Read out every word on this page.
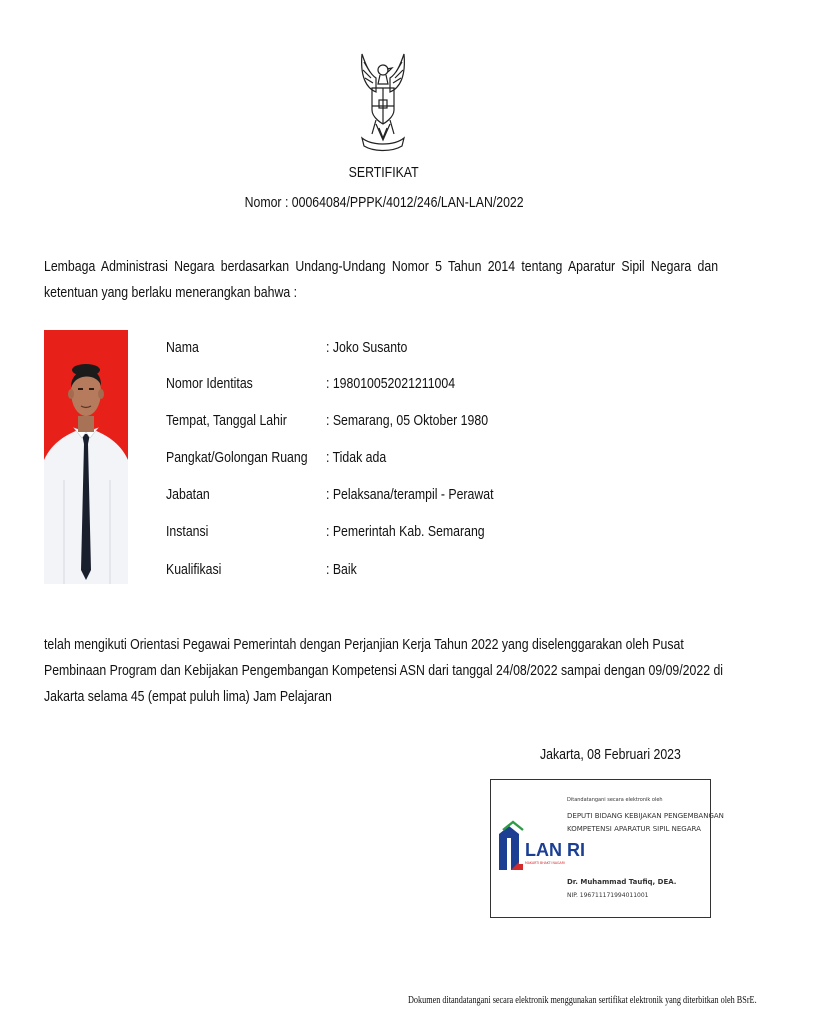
SERTIFIKAT
Nomor : 00064084/PPPK/4012/246/LAN-LAN/2022
Lembaga Administrasi Negara berdasarkan Undang-Undang Nomor 5 Tahun 2014 tentang Aparatur Sipil Negara dan ketentuan yang berlaku menerangkan bahwa :
Nama	: Joko Susanto
Nomor Identitas	: 198010052021211004
Tempat, Tanggal Lahir	: Semarang, 05 Oktober 1980
Pangkat/Golongan Ruang : Tidak ada
Jabatan	: Pelaksana/terampil - Perawat
Instansi	: Pemerintah Kab. Semarang
Kualifikasi	: Baik
telah mengikuti Orientasi Pegawai Pemerintah dengan Perjanjian Kerja Tahun 2022 yang diselenggarakan oleh Pusat Pembinaan Program dan Kebijakan Pengembangan Kompetensi ASN dari tanggal 24/08/2022 sampai dengan 09/09/2022 di Jakarta selama 45 (empat puluh lima) Jam Pelajaran
Jakarta, 08 Februari 2023
LAN RI
MAKARTI BHAKTI NAGARI
Ditandatangani secara elektronik oleh
DEPUTI BIDANG KEBIJAKAN PENGEMBANGAN
KOMPETENSI APARATUR SIPIL NEGARA
Dr. Muhammad Taufiq, DEA.
NIP. 196711171994011001
Dokumen ditandatangani secara elektronik menggunakan sertifikat elektronik yang diterbitkan oleh BSrE.
